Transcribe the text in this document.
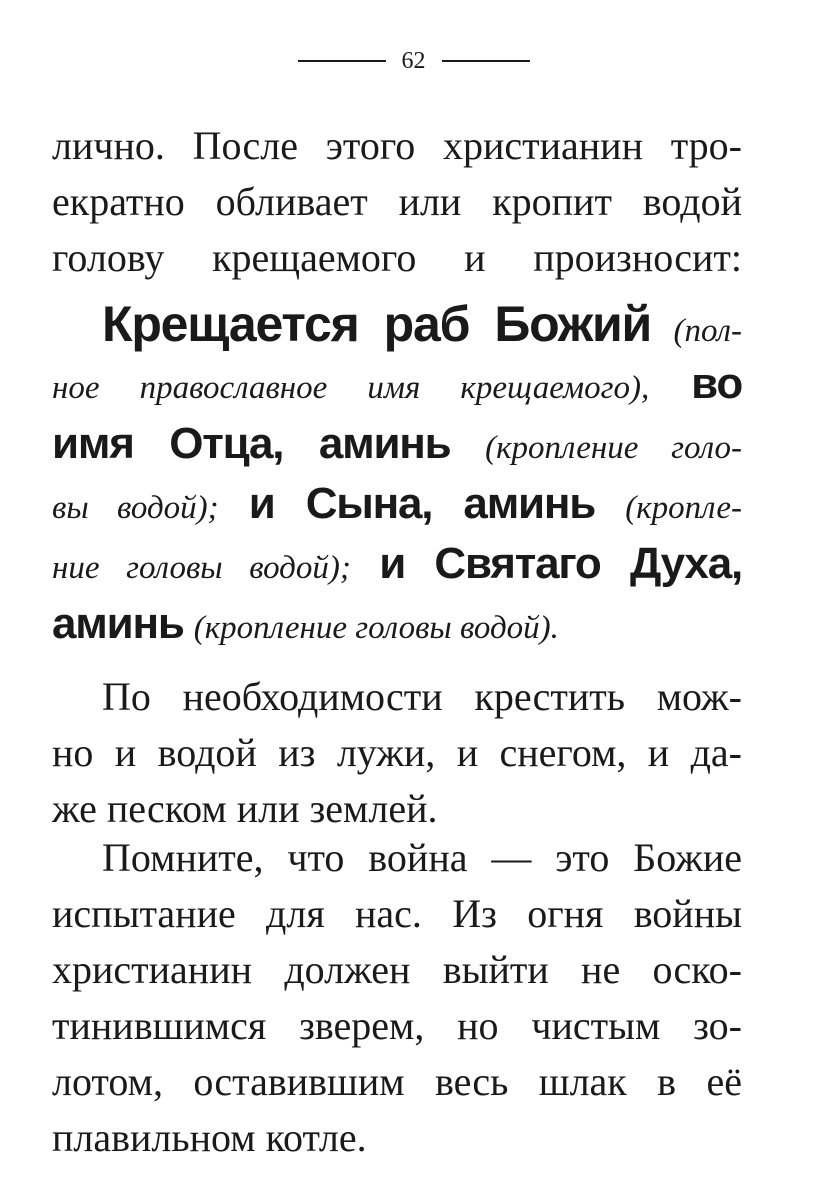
62
лично. После этого христианин тро-
екратно обливает или кропит водой
голову крещаемого и произносит:
Крещается раб Божий (пол-
ное православное имя крещаемого), во
имя Отца, аминь (кропление голо-
вы водой); и Сына, аминь (кропле-
ние головы водой); и Святаго Духа,
аминь (кропление головы водой).
По необходимости крестить мож-
но и водой из лужи, и снегом, и да-
же песком или землей.
Помните, что война — это Божие
испытание для нас. Из огня войны
христианин должен выйти не оско-
тинившимся зверем, но чистым зо-
лотом, оставившим весь шлак в её
плавильном котле.
